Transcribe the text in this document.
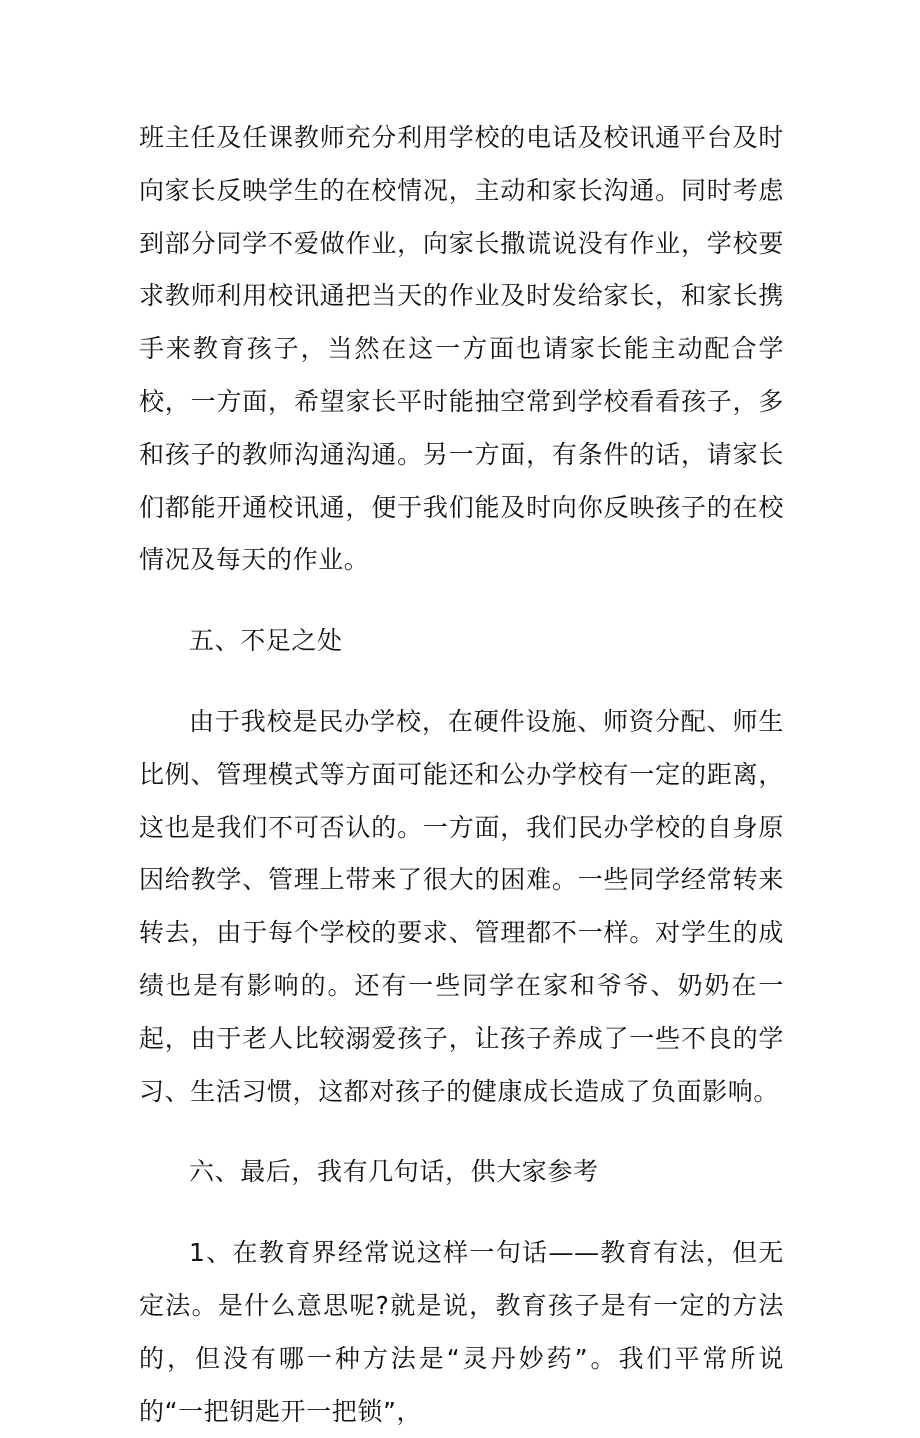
班主任及任课教师充分利用学校的电话及校讯通平台及时向家长反映学生的在校情况，主动和家长沟通。同时考虑到部分同学不爱做作业，向家长撒谎说没有作业，学校要求教师利用校讯通把当天的作业及时发给家长，和家长携手来教育孩子，当然在这一方面也请家长能主动配合学校，一方面，希望家长平时能抽空常到学校看看孩子，多和孩子的教师沟通沟通。另一方面，有条件的话，请家长们都能开通校讯通，便于我们能及时向你反映孩子的在校情况及每天的作业。

五、不足之处

由于我校是民办学校，在硬件设施、师资分配、师生比例、管理模式等方面可能还和公办学校有一定的距离，这也是我们不可否认的。一方面，我们民办学校的自身原因给教学、管理上带来了很大的困难。一些同学经常转来转去，由于每个学校的要求、管理都不一样。对学生的成绩也是有影响的。还有一些同学在家和爷爷、奶奶在一起，由于老人比较溺爱孩子，让孩子养成了一些不良的学习、生活习惯，这都对孩子的健康成长造成了负面影响。

六、最后，我有几句话，供大家参考

1、在教育界经常说这样一句话——教育有法，但无定法。是什么意思呢?就是说，教育孩子是有一定的方法的，但没有哪一种方法是“灵丹妙药”。我们平常所说的“一把钥匙开一把锁”，
